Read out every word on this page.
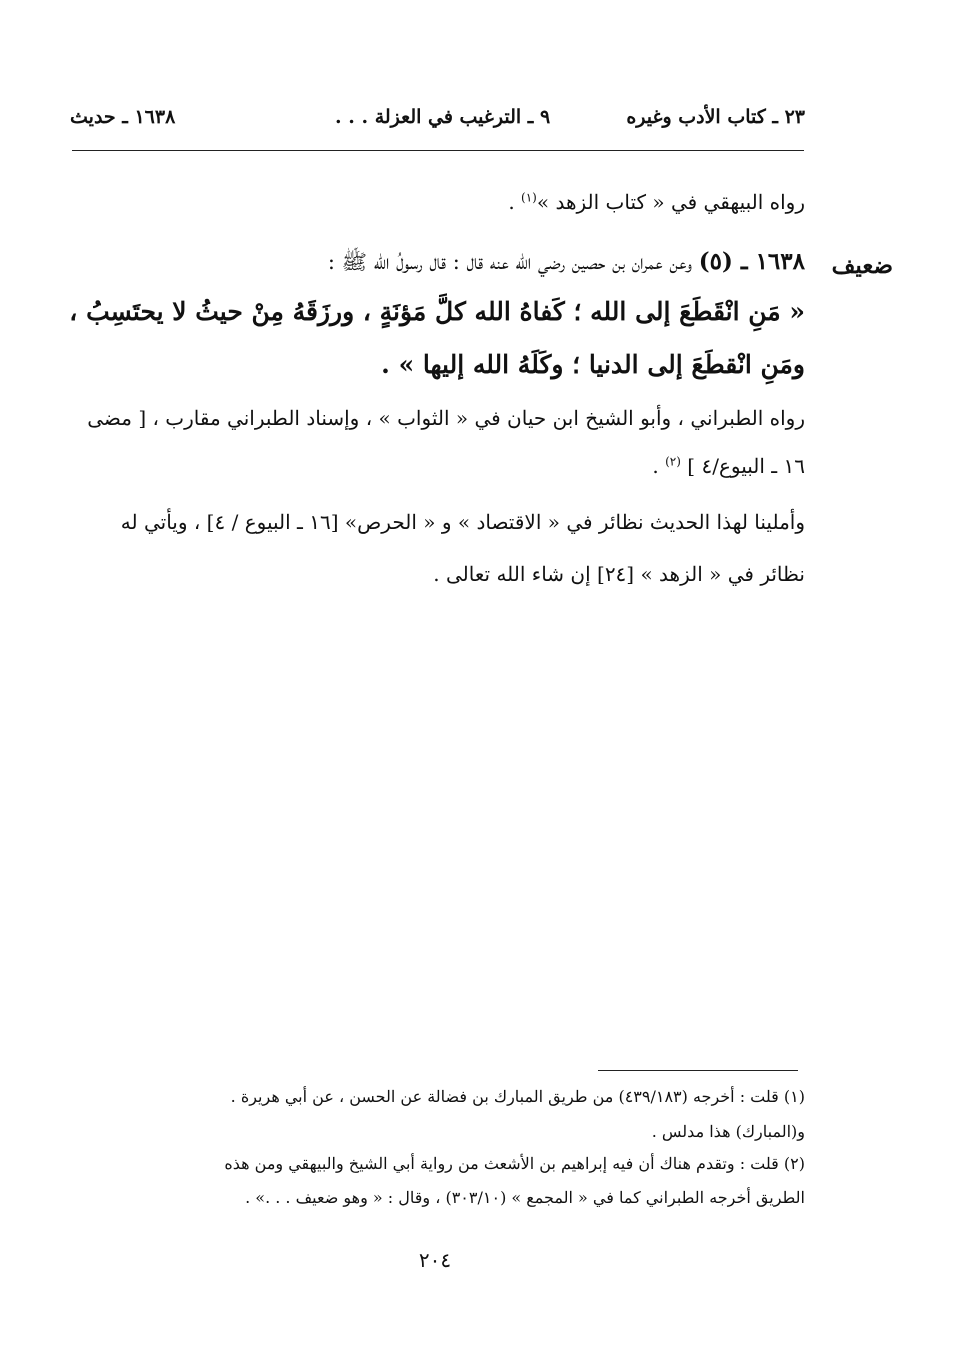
٢٣ ـ كتاب الأدب وغيره
٩ ـ الترغيب في العزلة . . .
١٦٣٨ ـ حديث
رواه البيهقي في « كتاب الزهد »$^{(١)}$ .
ضعيف
١٦٣٨ ـ (٥) وعن عمران بن حصين رضي الله عنه قال : قال رسولُ الله ﷺ :
« مَنِ انْقَطَعَ إلى الله ؛ كَفاهُ الله كلَّ مَؤنَةٍ ، ورزَقَهُ مِنْ حيثُ لا يحتَسِبُ ،
ومَنِ انْقطَعَ إلى الدنيا ؛ وكَلَهُ الله إليها » .
رواه الطبراني ، وأبو الشيخ ابن حيان في « الثواب » ، وإسناد الطبراني مقارب ، [ مضى
١٦ ـ البيوع/٤ ] $^{(٢)}$ .
وأملينا لهذا الحديث نظائر في « الاقتصاد » و « الحرص» [١٦ ـ البيوع / ٤] ، ويأتي له
نظائر في « الزهد » [٢٤] إن شاء الله تعالى .
(١) قلت : أخرجه (٤٣٩/١٨٣) من طريق المبارك بن فضالة عن الحسن ، عن أبي هريرة .
و(المبارك) هذا مدلس .
(٢) قلت : وتقدم هناك أن فيه إبراهيم بن الأشعث من رواية أبي الشيخ والبيهقي ومن هذه
الطريق أخرجه الطبراني كما في « المجمع » (٣٠٣/١٠) ، وقال : « وهو ضعيف . . .» .
٢٠٤
